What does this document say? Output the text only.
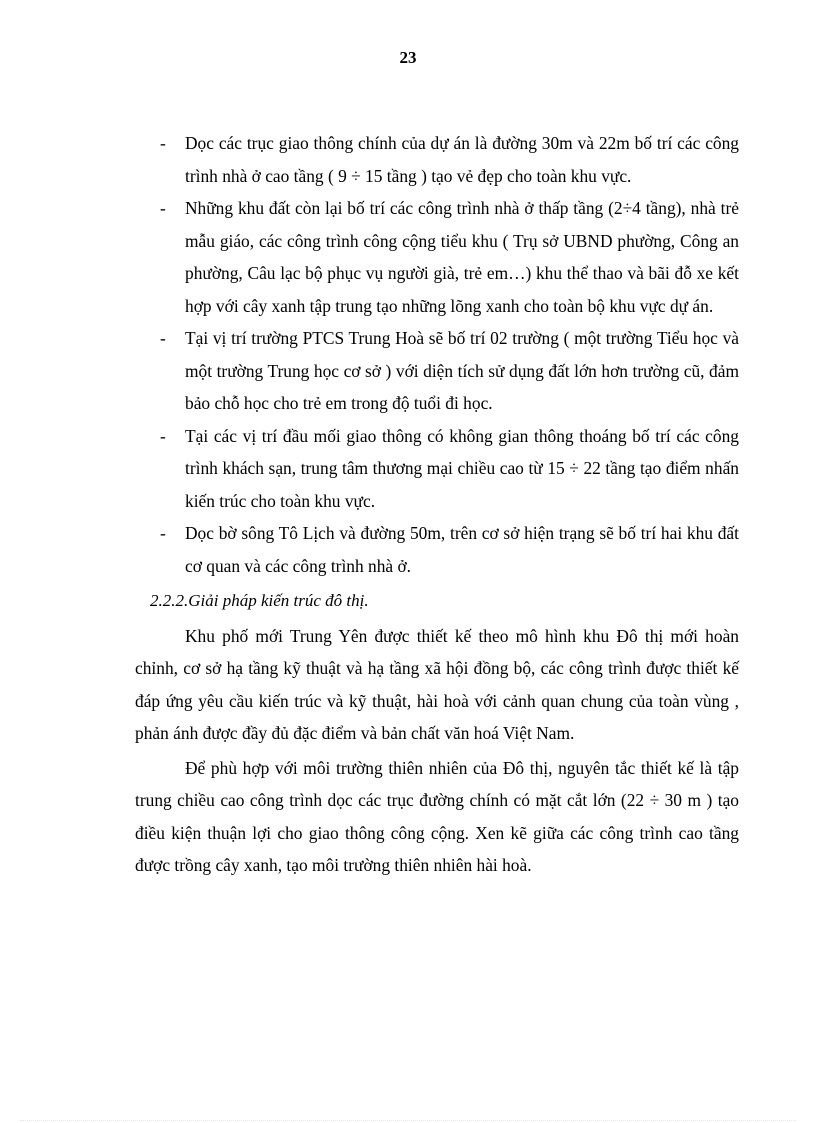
23
- Dọc các trục giao thông chính của dự án là đường 30m và 22m bố trí các công trình nhà ở cao tầng ( 9 ÷ 15 tầng ) tạo vẻ đẹp cho toàn khu vực.
- Những khu đất còn lại bố trí các công trình nhà ở thấp tầng (2÷4 tầng), nhà trẻ mẫu giáo, các công trình công cộng tiểu khu ( Trụ sở UBND phường, Công an phường, Câu lạc bộ phục vụ người già, trẻ em…) khu thể thao và bãi đỗ xe kết hợp với cây xanh tập trung tạo những lõng xanh cho toàn bộ khu vực dự án.
- Tại vị trí trường PTCS Trung Hoà sẽ bố trí 02 trường ( một trường Tiểu học và một trường Trung học cơ sở ) với diện tích sử dụng đất lớn hơn trường cũ, đảm bảo chỗ học cho trẻ em trong độ tuổi đi học.
- Tại các vị trí đầu mối giao thông có không gian thông thoáng bố trí các công trình khách sạn, trung tâm thương mại chiều cao từ 15 ÷ 22 tầng tạo điểm nhấn kiến trúc cho toàn khu vực.
- Dọc bờ sông Tô Lịch và đường 50m, trên cơ sở hiện trạng sẽ bố trí hai khu đất cơ quan và các công trình nhà ở.
2.2.2.Giải pháp kiến trúc đô thị.
Khu phố mới Trung Yên được thiết kế theo mô hình khu Đô thị mới hoàn chỉnh, cơ sở hạ tầng kỹ thuật và hạ tầng xã hội đồng bộ, các công trình được thiết kế đáp ứng yêu cầu kiến trúc và kỹ thuật, hài hoà với cảnh quan chung của toàn vùng , phản ánh được đầy đủ đặc điểm và bản chất văn hoá Việt Nam.
Để phù hợp với môi trường thiên nhiên của Đô thị, nguyên tắc thiết kế là tập trung chiều cao công trình dọc các trục đường chính có mặt cắt lớn (22 ÷ 30 m ) tạo điều kiện thuận lợi cho giao thông công cộng. Xen kẽ giữa các công trình cao tầng được trồng cây xanh, tạo môi trường thiên nhiên hài hoà.
